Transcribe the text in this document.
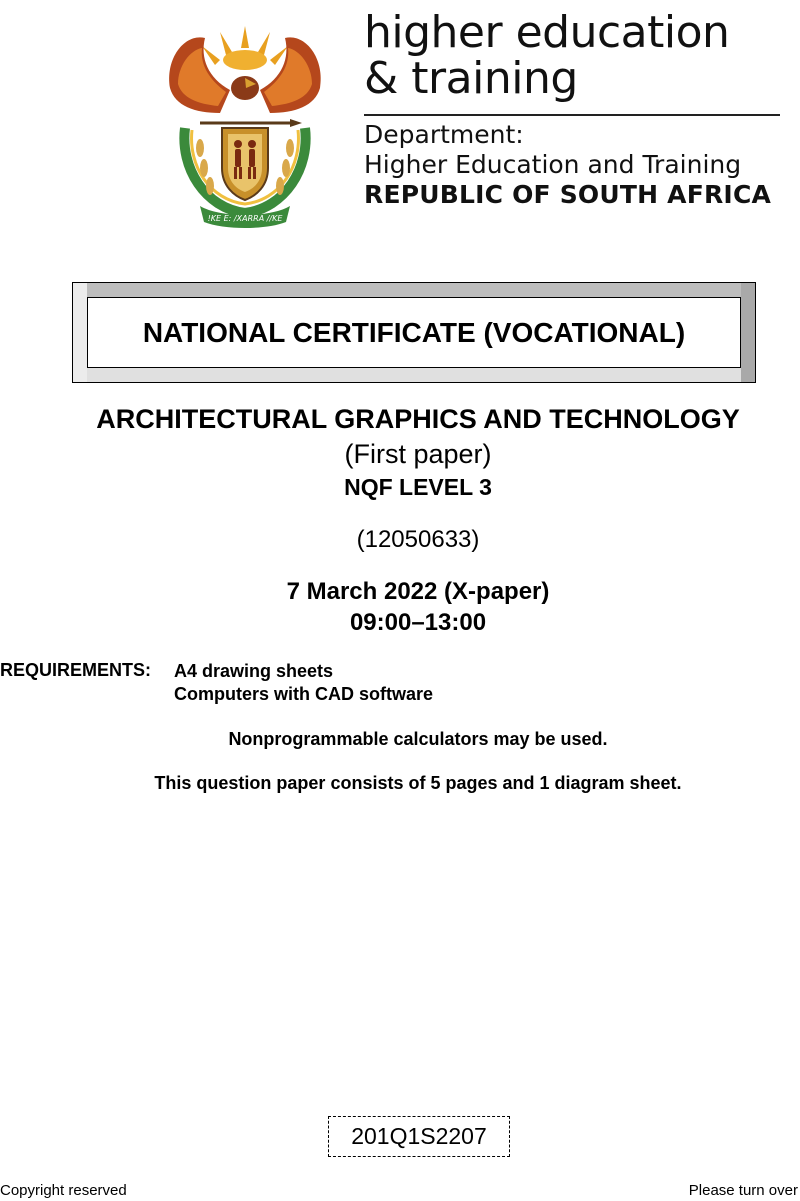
!KE E: /XARRA //KE
higher education
& training
Department:
Higher Education and Training
REPUBLIC OF SOUTH AFRICA
NATIONAL CERTIFICATE (VOCATIONAL)
ARCHITECTURAL GRAPHICS AND TECHNOLOGY
(First paper)
NQF LEVEL 3
(12050633)
7 March 2022 (X-paper)
09:00–13:00
REQUIREMENTS: A4 drawing sheets
Computers with CAD software
Nonprogrammable calculators may be used.
This question paper consists of 5 pages and 1 diagram sheet.
201Q1S2207
Copyright reserved	Please turn over
